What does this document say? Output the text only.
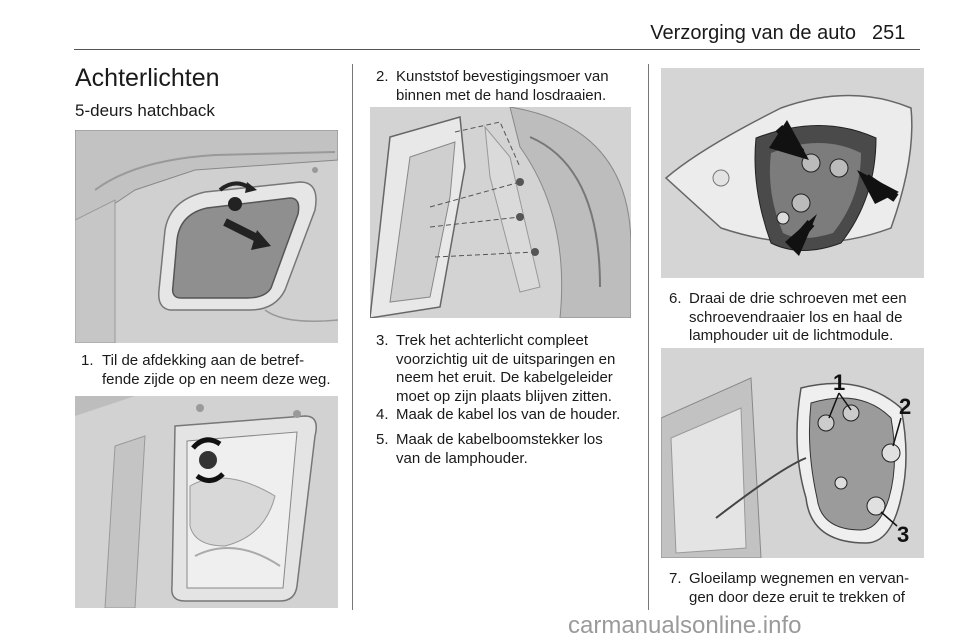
Verzorging van de auto 251
Achterlichten
5-deurs hatchback
1. Til de afdekking aan de betref-
fende zijde op en neem deze weg.
2. Kunststof bevestigingsmoer van
binnen met de hand losdraaien.
3. Trek het achterlicht compleet
voorzichtig uit de uitsparingen en
neem het eruit. De kabelgeleider
moet op zijn plaats blijven zitten.
4. Maak de kabel los van de houder.
5. Maak de kabelboomstekker los
van de lamphouder.
6. Draai de drie schroeven met een
schroevendraaier los en haal de
lamphouder uit de lichtmodule.
1
2
3
7. Gloeilamp wegnemen en vervan-
gen door deze eruit te trekken of
carmanualsonline.info
